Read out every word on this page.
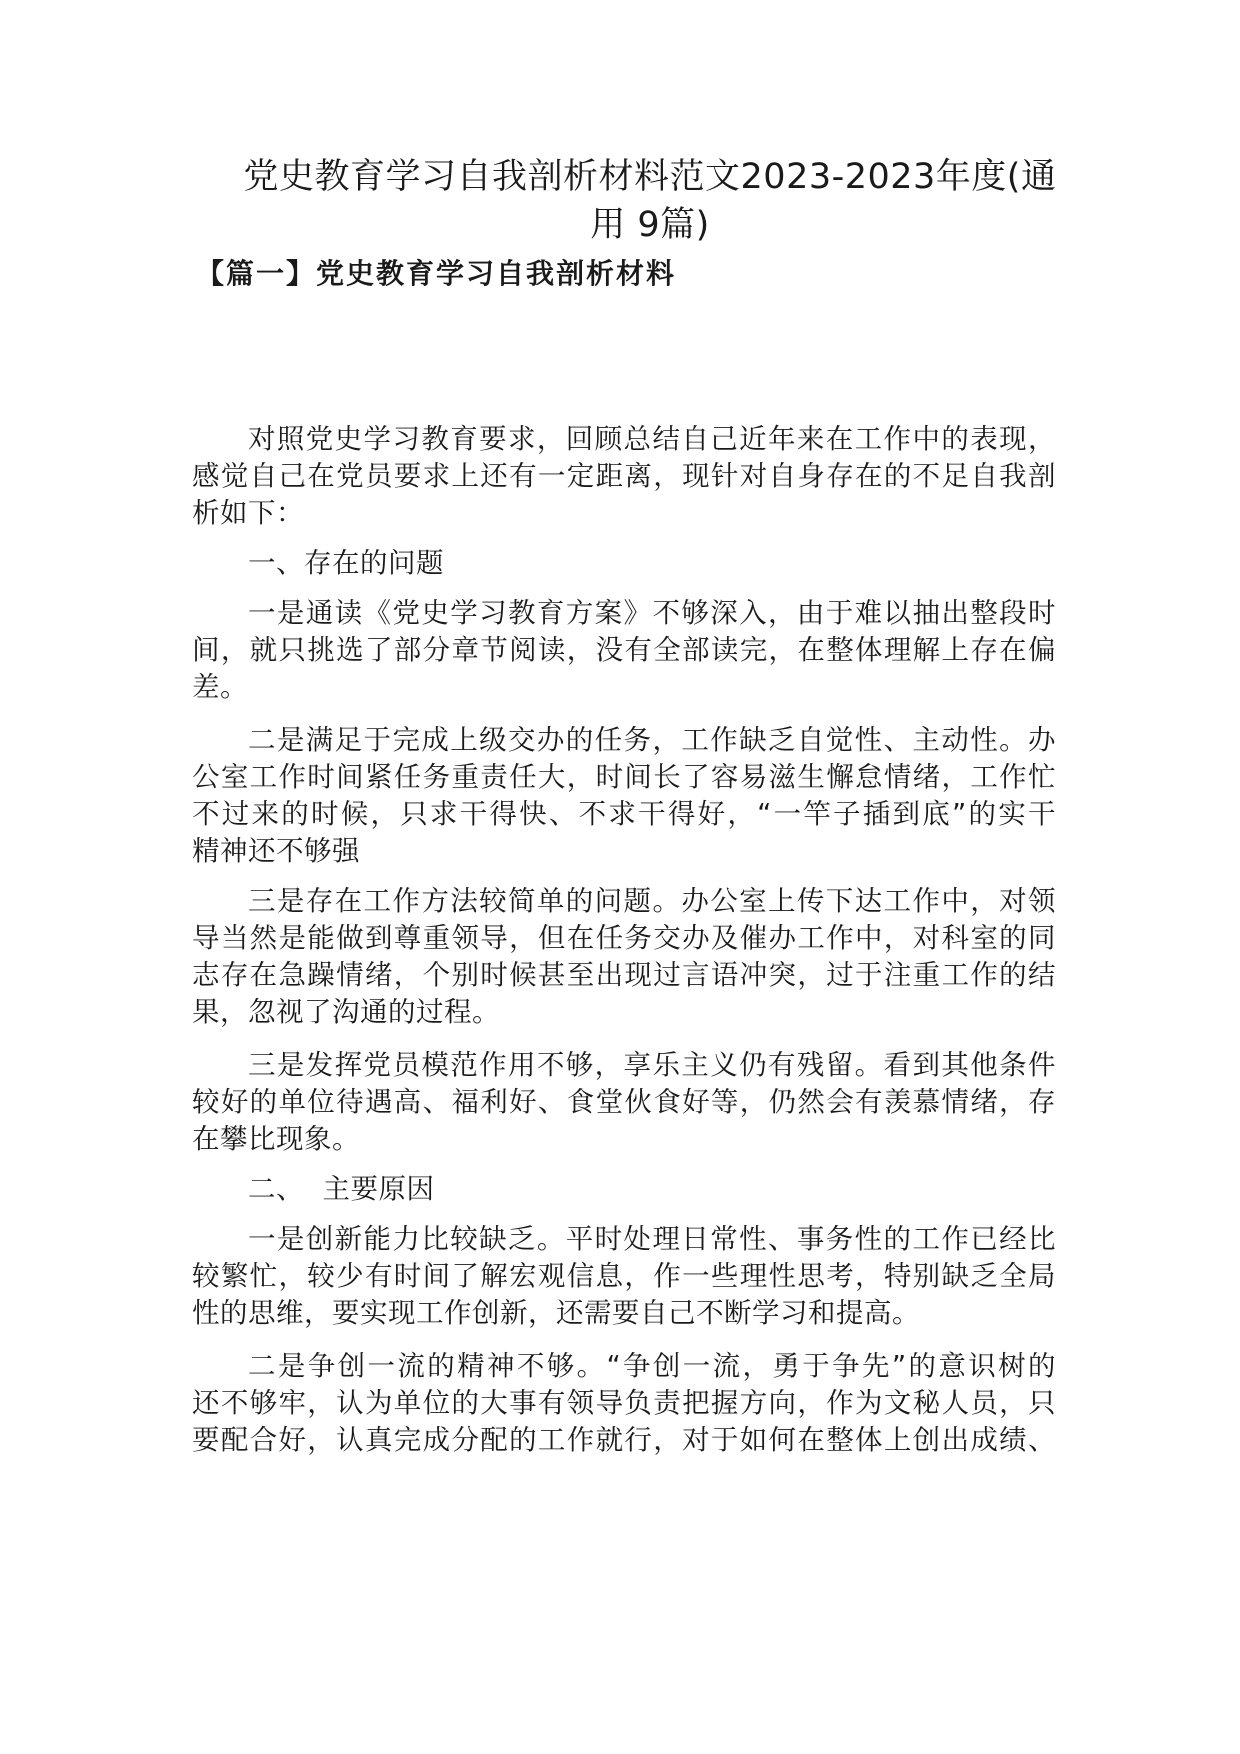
党史教育学习自我剖析材料范文2023-2023年度(通
用 9篇)
【篇一】党史教育学习自我剖析材料

对照党史学习教育要求，回顾总结自己近年来在工作中的表现，
感觉自己在党员要求上还有一定距离，现针对自身存在的不足自我剖
析如下：

一、存在的问题

一是通读《党史学习教育方案》不够深入，由于难以抽出整段时
间，就只挑选了部分章节阅读，没有全部读完，在整体理解上存在偏
差。

二是满足于完成上级交办的任务，工作缺乏自觉性、主动性。办
公室工作时间紧任务重责任大，时间长了容易滋生懈怠情绪，工作忙
不过来的时候，只求干得快、不求干得好，“一竿子插到底”的实干
精神还不够强

三是存在工作方法较简单的问题。办公室上传下达工作中，对领
导当然是能做到尊重领导，但在任务交办及催办工作中，对科室的同
志存在急躁情绪，个别时候甚至出现过言语冲突，过于注重工作的结
果，忽视了沟通的过程。

三是发挥党员模范作用不够，享乐主义仍有残留。看到其他条件
较好的单位待遇高、福利好、食堂伙食好等，仍然会有羡慕情绪，存
在攀比现象。

二、  主要原因

一是创新能力比较缺乏。平时处理日常性、事务性的工作已经比
较繁忙，较少有时间了解宏观信息，作一些理性思考，特别缺乏全局
性的思维，要实现工作创新，还需要自己不断学习和提高。

二是争创一流的精神不够。“争创一流，勇于争先”的意识树的
还不够牢，认为单位的大事有领导负责把握方向，作为文秘人员，只
要配合好，认真完成分配的工作就行，对于如何在整体上创出成绩、
